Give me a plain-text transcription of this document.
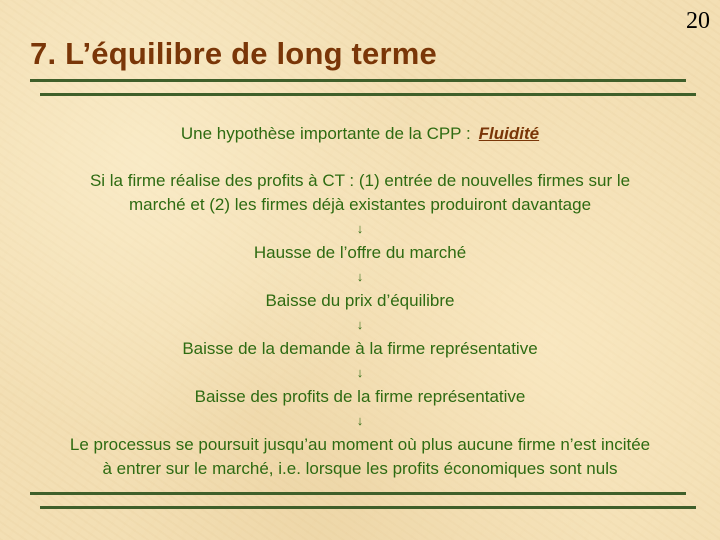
20
7. L’équilibre de long terme

Une hypothèse importante de la CPP : Fluidité

Si la firme réalise des profits à CT : (1) entrée de nouvelles firmes sur le

marché et (2) les firmes déjà existantes produiront davantage

↓

Hausse de l’offre du marché

↓

Baisse du prix d’équilibre

↓

Baisse de la demande à la firme représentative

↓

Baisse des profits de la firme représentative

↓

Le processus se poursuit jusqu’au moment où plus aucune firme n’est incitée

à entrer sur le marché, i.e. lorsque les profits économiques sont nuls
